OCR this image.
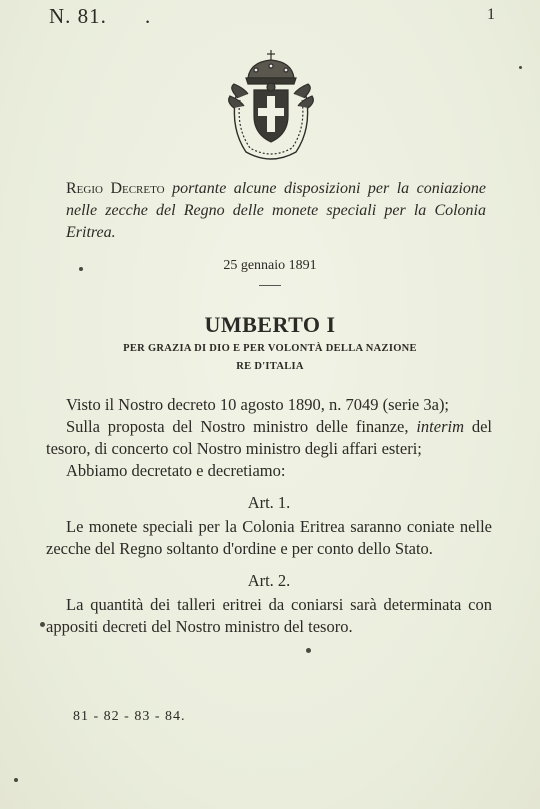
N. 81. .	1
Regio Decreto portante alcune disposizioni per la coniazione nelle zecche del Regno delle monete speciali per la Colonia Eritrea.
25 gennaio 1891
UMBERTO I
PER GRAZIA DI DIO E PER VOLONTÀ DELLA NAZIONE
RE D'ITALIA

Visto il Nostro decreto 10 agosto 1890, n. 7049 (serie 3a);

Sulla proposta del Nostro ministro delle finanze, interim del tesoro, di concerto col Nostro ministro degli affari esteri;

Abbiamo decretato e decretiamo:

Art. 1.

Le monete speciali per la Colonia Eritrea saranno coniate nelle zecche del Regno soltanto d'ordine e per conto dello Stato.

Art. 2.

La quantità dei talleri eritrei da coniarsi sarà determinata con appositi decreti del Nostro ministro del tesoro.

81 - 82 - 83 - 84.
